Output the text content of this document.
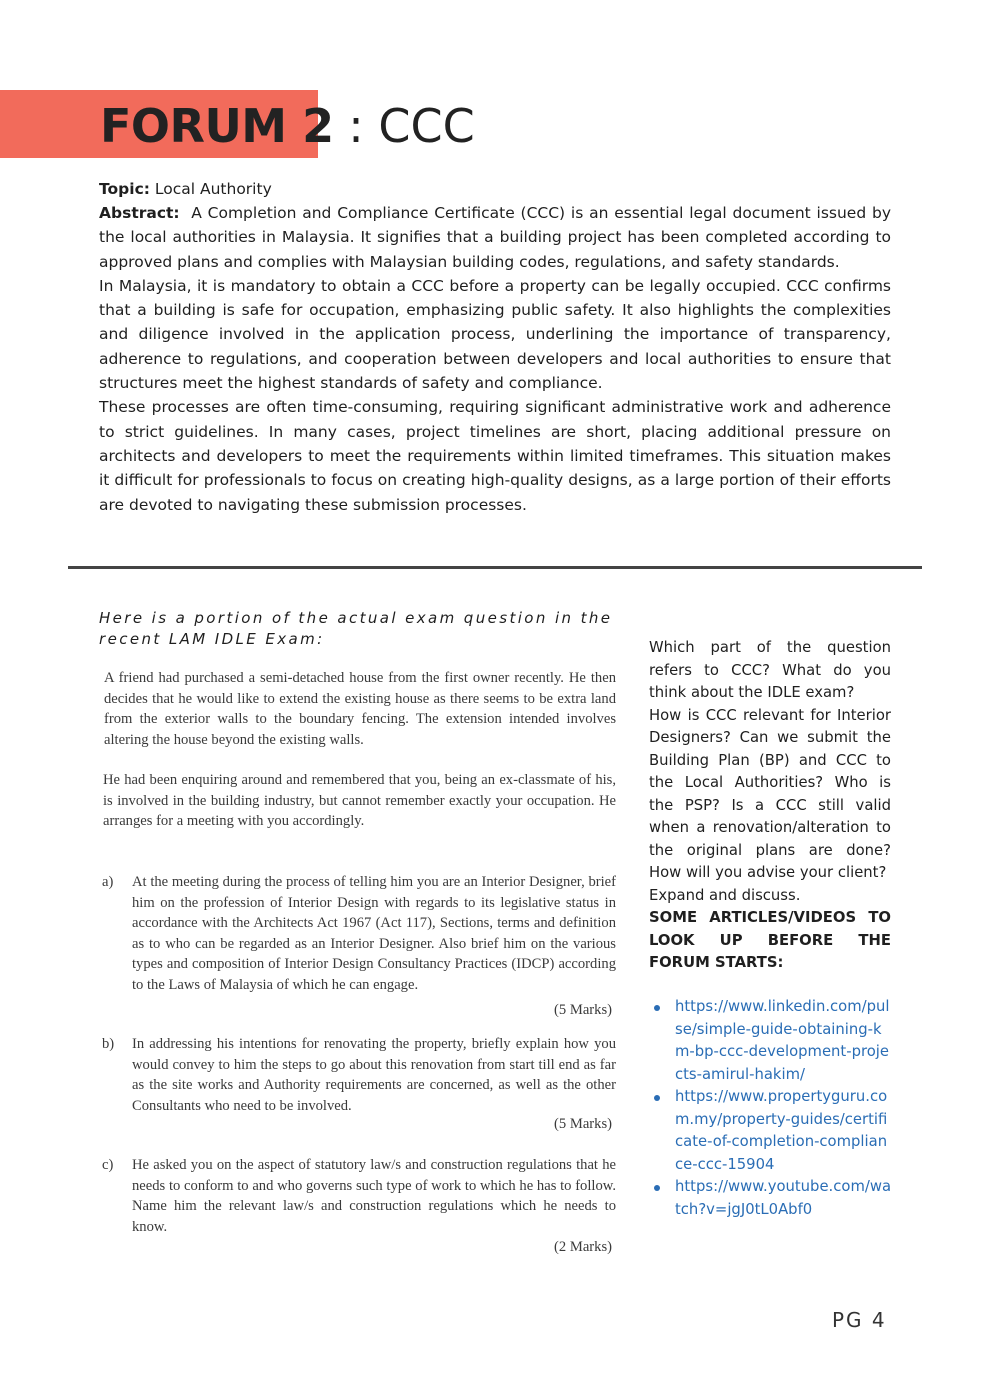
FORUM 2 : CCC
Topic: Local Authority

Abstract: A Completion and Compliance Certificate (CCC) is an essential legal document issued by the local authorities in Malaysia. It signifies that a building project has been completed according to approved plans and complies with Malaysian building codes, regulations, and safety standards.

In Malaysia, it is mandatory to obtain a CCC before a property can be legally occupied. CCC confirms that a building is safe for occupation, emphasizing public safety. It also highlights the complexities and diligence involved in the application process, underlining the importance of transparency, adherence to regulations, and cooperation between developers and local authorities to ensure that structures meet the highest standards of safety and compliance.

These processes are often time-consuming, requiring significant administrative work and adherence to strict guidelines. In many cases, project timelines are short, placing additional pressure on architects and developers to meet the requirements within limited timeframes. This situation makes it difficult for professionals to focus on creating high-quality designs, as a large portion of their efforts are devoted to navigating these submission processes.

Here is a portion of the actual exam question in the recent LAM IDLE Exam:

A friend had purchased a semi-detached house from the first owner recently. He then decides that he would like to extend the existing house as there seems to be extra land from the exterior walls to the boundary fencing. The extension intended involves altering the house beyond the existing walls.

He had been enquiring around and remembered that you, being an ex-classmate of his, is involved in the building industry, but cannot remember exactly your occupation. He arranges for a meeting with you accordingly.

a) At the meeting during the process of telling him you are an Interior Designer, brief him on the profession of Interior Design with regards to its legislative status in accordance with the Architects Act 1967 (Act 117), Sections, terms and definition as to who can be regarded as an Interior Designer. Also brief him on the various types and composition of Interior Design Consultancy Practices (IDCP) according to the Laws of Malaysia of which he can engage.

(5 Marks)
b) In addressing his intentions for renovating the property, briefly explain how you would convey to him the steps to go about this renovation from start till end as far as the site works and Authority requirements are concerned, as well as the other Consultants who need to be involved.

(5 Marks)
c) He asked you on the aspect of statutory law/s and construction regulations that he needs to conform to and who governs such type of work to which he has to follow. Name him the relevant law/s and construction regulations which he needs to know.

(2 Marks)

Which part of the question refers to CCC? What do you think about the IDLE exam?

How is CCC relevant for Interior Designers? Can we submit the Building Plan (BP) and CCC to the Local Authorities? Who is the PSP? Is a CCC still valid when a renovation/alteration to the original plans are done? How will you advise your client?

Expand and discuss.

SOME ARTICLES/VIDEOS TO LOOK UP BEFORE THE FORUM STARTS:

https://www.linkedin.com/pulse/simple-guide-obtaining-km-bp-ccc-development-projects-amirul-hakim/
https://www.propertyguru.com.my/property-guides/certificate-of-completion-compliance-ccc-15904
https://www.youtube.com/watch?v=jgJ0tL0Abf0
PG 4
